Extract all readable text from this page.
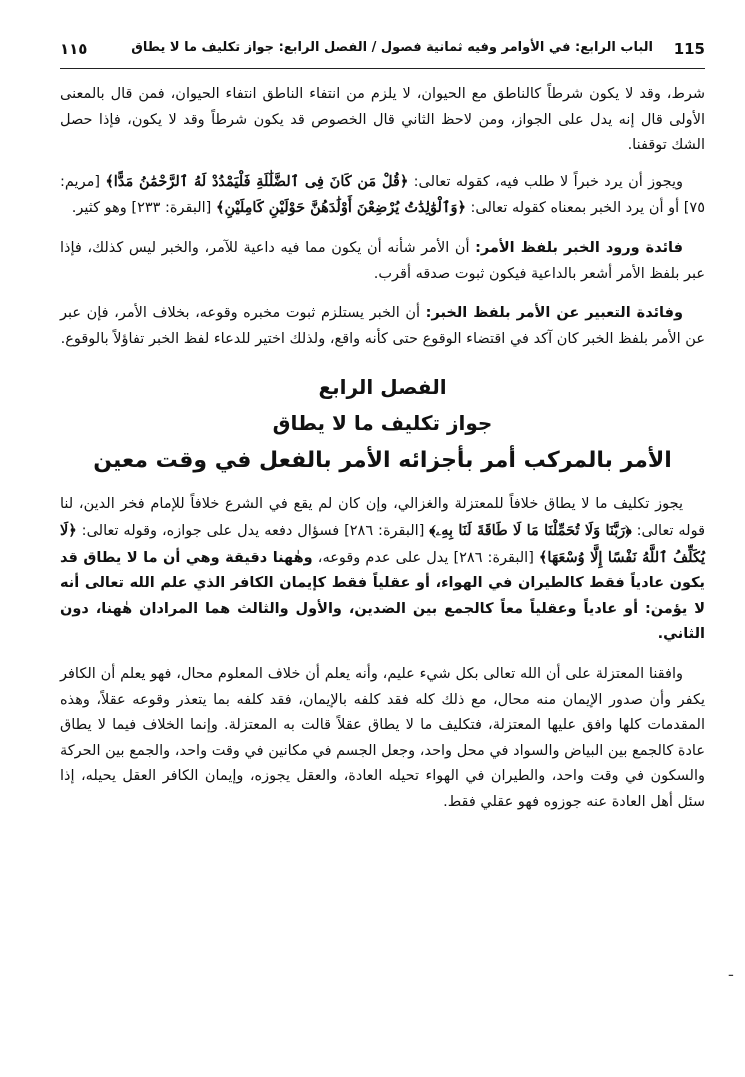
115
الباب الرابع: في الأوامر وفيه ثمانية فصول / الفصل الرابع: جواز تكليف ما لا يطاق
١١٥

شرط، وقد لا يكون شرطاً كالناطق مع الحيوان، لا يلزم من انتفاء الناطق انتفاء الحيوان، فمن قال بالمعنى الأولى قال إنه يدل على الجواز، ومن لاحظ الثاني قال الخصوص قد يكون شرطاً وقد لا يكون، فإذا حصل الشك توقفنا.

ويجوز أن يرد خبراً لا طلب فيه، كقوله تعالى: ﴿قُلْ مَن كَانَ فِى ٱلضَّلَٰلَةِ فَلْيَمْدُدْ لَهُ ٱلرَّحْمَٰنُ مَدًّا﴾ [مريم: ٧٥] أو أن يرد الخبر بمعناه كقوله تعالى: ﴿وَٱلْوَٰلِدَٰتُ يُرْضِعْنَ أَوْلَٰدَهُنَّ حَوْلَيْنِ كَامِلَيْنِ﴾ [البقرة: ٢٣٣] وهو كثير.

فائدة ورود الخبر بلفظ الأمر: أن الأمر شأنه أن يكون مما فيه داعية للآمر، والخبر ليس كذلك، فإذا عبر بلفظ الأمر أشعر بالداعية فيكون ثبوت صدقه أقرب.

وفائدة التعبير عن الأمر بلفظ الخبر: أن الخبر يستلزم ثبوت مخبره وقوعه، بخلاف الأمر، فإن عبر عن الأمر بلفظ الخبر كان آكد في اقتضاء الوقوع حتى كأنه واقع، ولذلك اختير للدعاء لفظ الخبر تفاؤلاً بالوقوع.

الفصل الرابع
جواز تكليف ما لا يطاق
الأمر بالمركب أمر بأجزائه الأمر بالفعل في وقت معين

يجوز تكليف ما لا يطاق خلافاً للمعتزلة والغزالي، وإن كان لم يقع في الشرع خلافاً للإمام فخر الدين، لنا قوله تعالى: ﴿رَبَّنَا وَلَا تُحَمِّلْنَا مَا لَا طَاقَةَ لَنَا بِهِۦ﴾ [البقرة: ٢٨٦] فسؤال دفعه يدل على جوازه، وقوله تعالى: ﴿لَا يُكَلِّفُ ٱللَّهُ نَفْسًا إِلَّا وُسْعَهَا﴾ [البقرة: ٢٨٦] يدل على عدم وقوعه، وهٰهنا دقيقة وهي أن ما لا يطاق قد يكون عادياً فقط كالطيران في الهواء، أو عقلياً فقط كإيمان الكافر الذي علم الله تعالى أنه لا يؤمن: أو عادياً وعقلياً معاً كالجمع بين الضدين، والأول والثالث هما المرادان هٰهنا، دون الثاني.

وافقنا المعتزلة على أن الله تعالى بكل شيء عليم، وأنه يعلم أن خلاف المعلوم محال، فهو يعلم أن الكافر يكفر وأن صدور الإيمان منه محال، مع ذلك كله فقد كلفه بالإيمان، فقد كلفه بما يتعذر وقوعه عقلاً، وهذه المقدمات كلها وافق عليها المعتزلة، فتكليف ما لا يطاق عقلاً قالت به المعتزلة. وإنما الخلاف فيما لا يطاق عادة كالجمع بين البياض والسواد في محل واحد، وجعل الجسم في مكانين في وقت واحد، والجمع بين الحركة والسكون في وقت واحد، والطيران في الهواء تحيله العادة، والعقل يجوزه، وإيمان الكافر العقل يحيله، إذا سئل أهل العادة عنه جوزوه فهو عقلي فقط.

ـ
